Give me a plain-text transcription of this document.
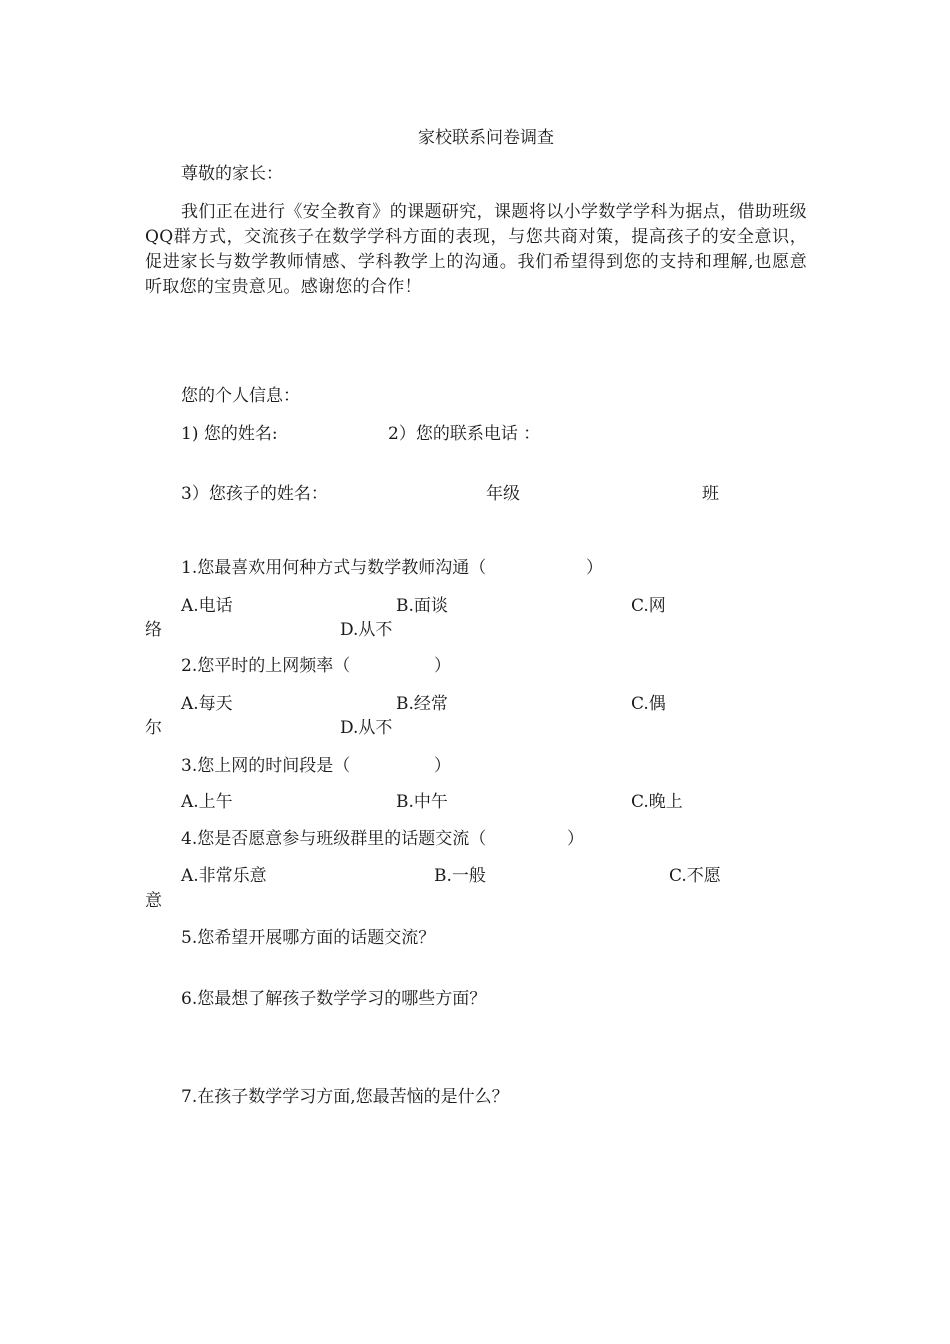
家校联系问卷调查
尊敬的家长：
我们正在进行《安全教育》的课题研究，课题将以小学数学学科为据点，借助班级QQ群方式，交流孩子在数学学科方面的表现，与您共商对策，提高孩子的安全意识，促进家长与数学教师情感、学科教学上的沟通。我们希望得到您的支持和理解,也愿意听取您的宝贵意见。感谢您的合作！
您的个人信息：
1) 您的姓名:	2）您的联系电话 ：
3）您孩子的姓名：	年级	班
1.您最喜欢用何种方式与数学教师沟通（	）
A.电话	B.面谈	C.网
络	D.从不
2.您平时的上网频率（	）
A.每天	B.经常	C.偶
尔	D.从不
3.您上网的时间段是（	）
A.上午	B.中午	C.晚上
4.您是否愿意参与班级群里的话题交流（	）
A.非常乐意	B.一般	C.不愿
意
5.您希望开展哪方面的话题交流？
6.您最想了解孩子数学学习的哪些方面？
7.在孩子数学学习方面,您最苦恼的是什么？
